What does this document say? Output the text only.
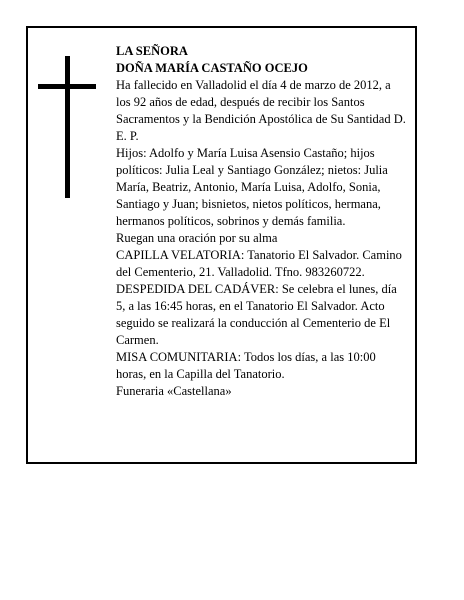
LA SEÑORA

DOÑA MARÍA CASTAÑO OCEJO

Ha fallecido en Valladolid el día 4 de marzo de 2012, a los 92 años de edad, después de recibir los Santos Sacramentos y la Bendición Apostólica de Su Santidad D. E. P.

Hijos: Adolfo y María Luisa Asensio Castaño; hijos políticos: Julia Leal y Santiago González; nietos: Julia María, Beatriz, Antonio, María Luisa, Adolfo, Sonia, Santiago y Juan; bisnietos, nietos políticos, hermana, hermanos políticos, sobrinos y demás familia.

Ruegan una oración por su alma

CAPILLA VELATORIA: Tanatorio El Salvador. Camino del Cementerio, 21. Valladolid. Tfno. 983260722.

DESPEDIDA DEL CADÁVER: Se celebra el lunes, día 5, a las 16:45 horas, en el Tanatorio El Salvador. Acto seguido se realizará la conducción al Cementerio de El Carmen.

MISA COMUNITARIA: Todos los días, a las 10:00 horas, en la Capilla del Tanatorio.

Funeraria «Castellana»
